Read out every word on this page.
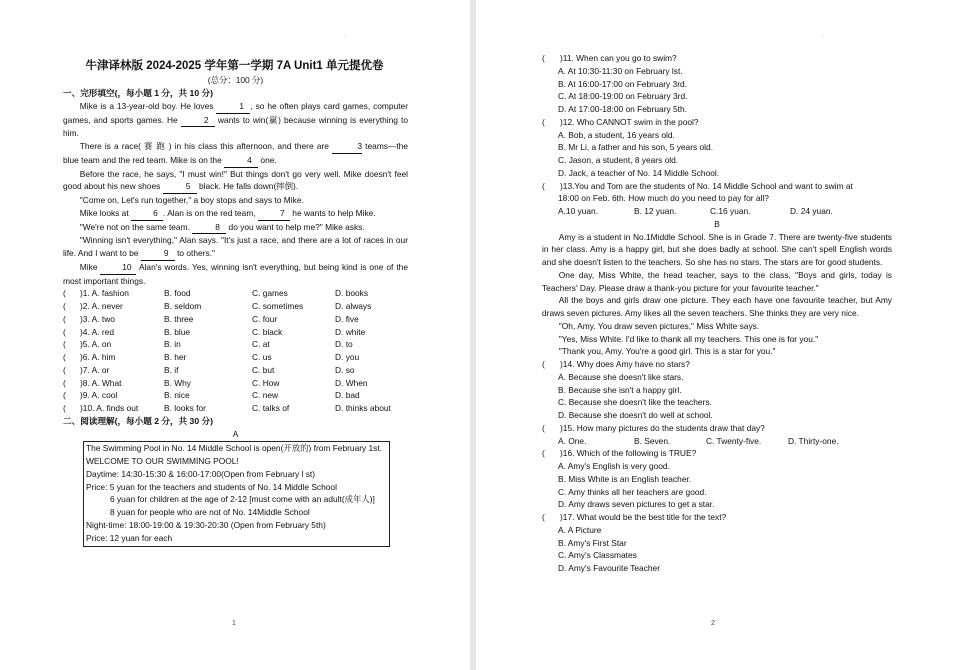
·

牛津译林版 2024-2025 学年第一学期 7A Unit1 单元提优卷

(总分：100 分)

一、完形填空(，每小题 1 分，共 10 分)

Mike is a 13-year-old boy. He loves	1 , so he often plays card games, computer games, and sports games. He	2 wants to win(赢) because winning is everything to him.

There is a race( 赛 跑 ) in his class this afternoon, and there are	3 teams—the blue team and the red team. Mike is on the	4 one.

Before the race, he says, "I must win!" But things don't go very well. Mike doesn't feel good about his new shoes	5 black. He falls down(摔倒).

"Come on, Let's run together," a boy stops and says to Mike.

Mike looks at	6 . Alan is on the red team,	7 he wants to help Mike.

"We're not on the same team.	8 do you want to help me?" Mike asks.

"Winning isn't everything," Alan says. "It's just a race, and there are a lot of races in our life. And I want to be	9 to others."

Mike	10 Alan's words. Yes, winning isn't everything, but being kind is one of the most important things.

(	)1. A. fashion	B. food	C. games	D. books
(	)2. A. never	B. seldom	C. sometimes	D. always
(	)3. A. two	B. three	C. four	D. five
(	)4. A. red	B. blue	C. black	D. white
(	)5. A. on	B. in	C. at	D. to
(	)6. A. him	B. her	C. us	D. you
(	)7. A. or	B. if	C. but	D. so
(	)8. A. What	B. Why	C. How	D. When
(	)9. A. cool	B. nice	C. new	D. bad
(	)10. A. finds out	B. looks for	C. talks of	D. thinks about

二、阅读理解(，每小题 2 分，共 30 分)

A

The Swimming Pool in No. 14 Middle School is open(开放的) from February 1st.

WELCOME TO OUR SWIMMING POOL!

Daytime: 14:30-15:30 & 16:00-17:00(Open from February l st)

Price: 5 yuan for the teachers and students of No. 14 Middle School

6 yuan for children at the age of 2-12 [must come with an adult(成年人)]

8 yuan for people who are not of No. 14Middle School

Night-time: 18:00-19:00 & 19:30-20:30 (Open from February 5th)

Price: 12 yuan for each

1
·
(	)11. When can you go to swim?

A. At 10:30-11:30 on February lst.

B. At 16:00-17:00 on February 3rd.

C. At 18:00-19:00 on February 3rd.

D. At 17:00-18:00 on February 5th.

(	)12. Who CANNOT swim in the pool?

A. Bob, a student, 16 years old.

B. Mr Li, a father and his son, 5 years old.

C. Jason, a student, 8 years old.

D. Jack, a teacher of No. 14 Middle School.

(	)13.You and Tom are the students of No. 14 Middle School and want to swim at

18:00 on Feb. 6th. How much do you need to pay for all?

A.10 yuan.	B. 12 yuan.	C.16 yuan.	D. 24 yuan.

B

Amy is a student in No.1Middle School. She is in Grade 7. There are twenty-five students in her class. Amy is a happy girl, but she does badly at school. She can't spell English words and she doesn't listen to the teachers. So she has no stars. The stars are for good students.

One day, Miss White, the head teacher, says to the class, "Boys and girls, today is Teachers' Day. Please draw a thank-you picture for your favourite teacher."

All the boys and girls draw one picture. They each have one favourite teacher, but Amy draws seven pictures. Amy likes all the seven teachers. She thinks they are very nice.

"Oh, Amy. You draw seven pictures," Miss White says.

"Yes, Miss White. I'd like to thank all my teachers. This one is for you."

"Thank you, Amy. You're a good girl. This is a star for you."

(	)14. Why does Amy have no stars?

A. Because she doesn't like stars.

B. Because she isn't a happy girl.

C. Because she doesn't like the teachers.

D. Because she doesn't do well at school.

(	)15. How many pictures do the students draw that day?
A. One.	B. Seven.	C. Twenty-five.	D. Thirty-one.
(	)16. Which of the following is TRUE?

A. Amy's English is very good.

B. Miss White is an English teacher.

C. Amy thinks all her teachers are good.

D. Amy draws seven pictures to get a star.

(	)17. What would be the best title for the text?

A. A Picture

B. Amy's First Star

C. Amy's Classmates

D. Amy's Favourite Teacher

2
